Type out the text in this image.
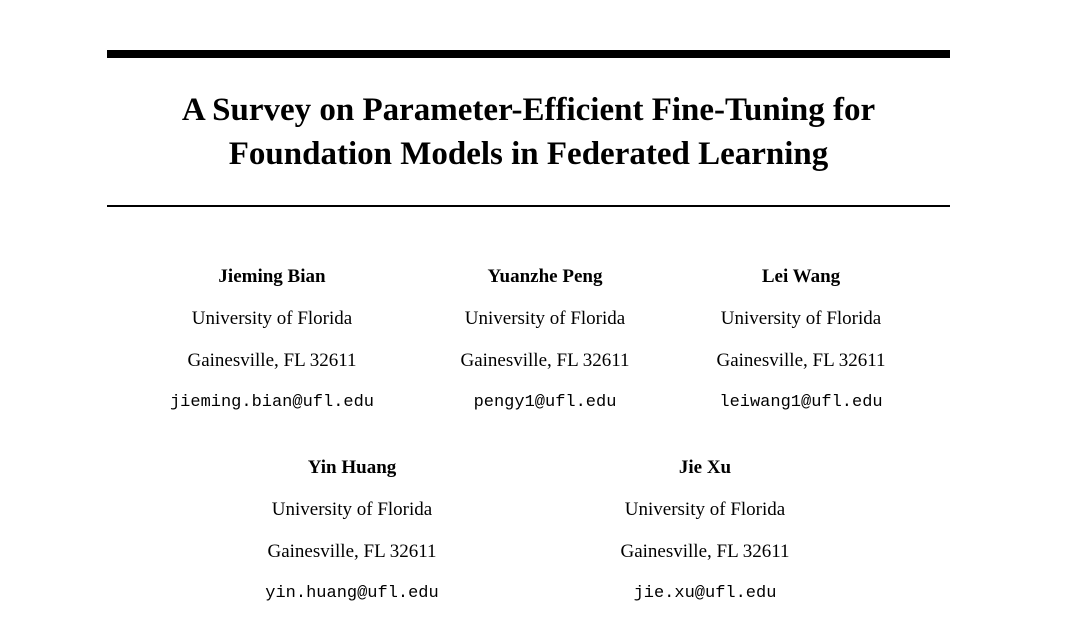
A Survey on Parameter-Efficient Fine-Tuning for
Foundation Models in Federated Learning
Jieming Bian
University of Florida
Gainesville, FL 32611
jieming.bian@ufl.edu
Yuanzhe Peng
University of Florida
Gainesville, FL 32611
pengy1@ufl.edu
Lei Wang
University of Florida
Gainesville, FL 32611
leiwang1@ufl.edu
Yin Huang
University of Florida
Gainesville, FL 32611
yin.huang@ufl.edu
Jie Xu
University of Florida
Gainesville, FL 32611
jie.xu@ufl.edu
